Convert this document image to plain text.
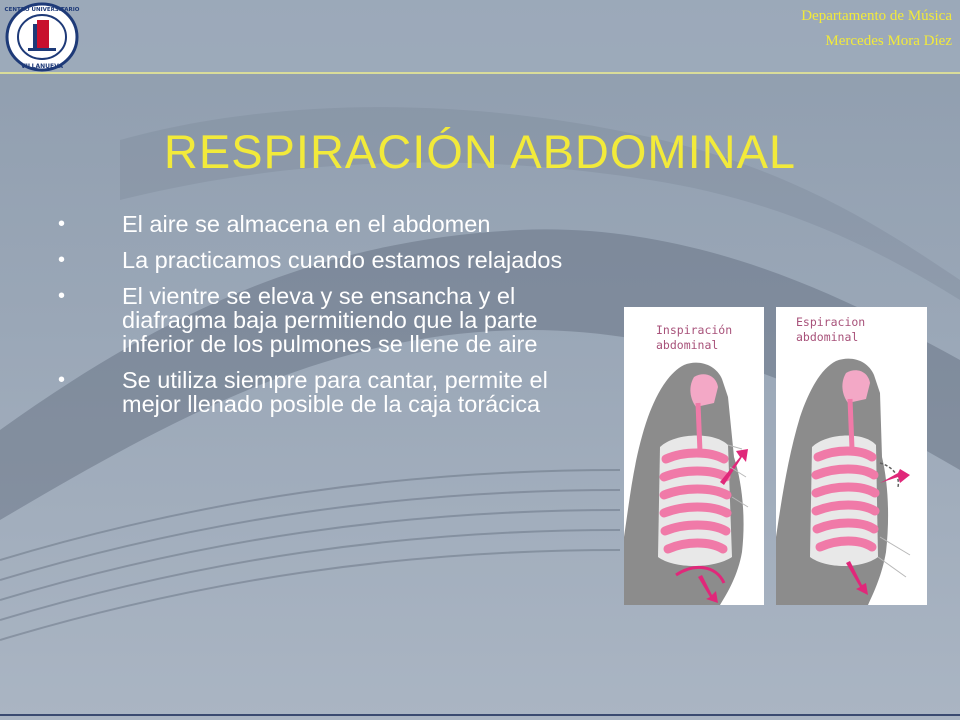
CENTRO UNIVERSITARIO
VILLANUEVA
Departamento de Música
Mercedes Mora Díez
RESPIRACIÓN ABDOMINAL
• El aire se almacena en el abdomen
• La practicamos cuando estamos relajados
• El vientre se eleva y se ensancha y el diafragma baja permitiendo que la parte inferior de los pulmones se llene de aire
• Se utiliza siempre para cantar, permite el mejor llenado posible de la caja torácica
Inspiración
abdominal
Espiracion
abdominal
